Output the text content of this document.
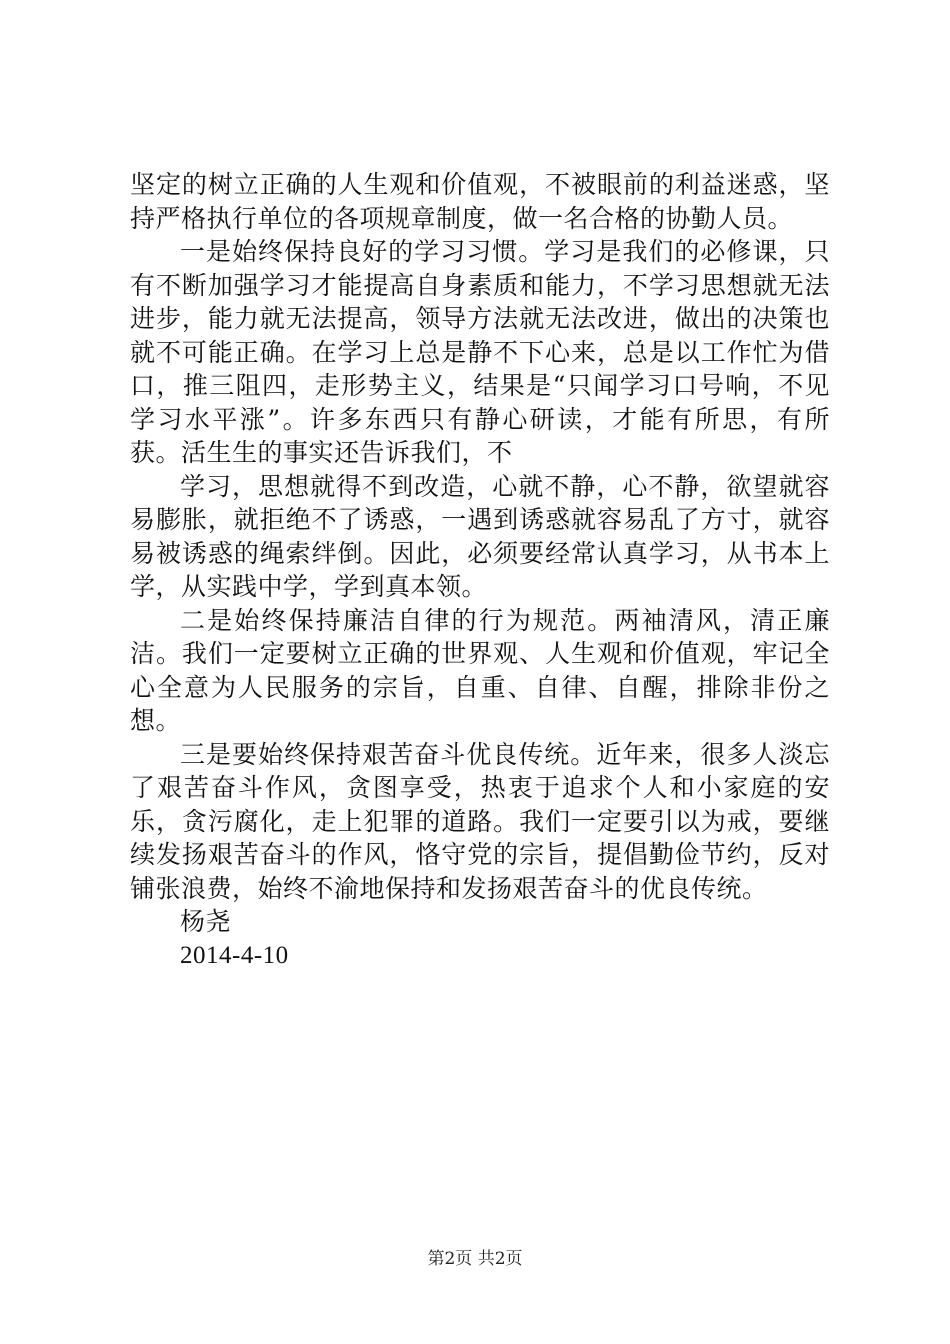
坚定的树立正确的人生观和价值观，不被眼前的利益迷惑，坚持严格执行单位的各项规章制度，做一名合格的协勤人员。

一是始终保持良好的学习习惯。学习是我们的必修课，只有不断加强学习才能提高自身素质和能力，不学习思想就无法进步，能力就无法提高，领导方法就无法改进，做出的决策也就不可能正确。在学习上总是静不下心来，总是以工作忙为借口，推三阻四，走形势主义，结果是“只闻学习口号响，不见学习水平涨”。许多东西只有静心研读，才能有所思，有所获。活生生的事实还告诉我们，不

学习，思想就得不到改造，心就不静，心不静，欲望就容易膨胀，就拒绝不了诱惑，一遇到诱惑就容易乱了方寸，就容易被诱惑的绳索绊倒。因此，必须要经常认真学习，从书本上学，从实践中学，学到真本领。

二是始终保持廉洁自律的行为规范。两袖清风，清正廉洁。我们一定要树立正确的世界观、人生观和价值观，牢记全心全意为人民服务的宗旨，自重、自律、自醒，排除非份之想。

三是要始终保持艰苦奋斗优良传统。近年来，很多人淡忘了艰苦奋斗作风，贪图享受，热衷于追求个人和小家庭的安乐，贪污腐化，走上犯罪的道路。我们一定要引以为戒，要继续发扬艰苦奋斗的作风，恪守党的宗旨，提倡勤俭节约，反对铺张浪费，始终不渝地保持和发扬艰苦奋斗的优良传统。

杨尧

2014-4-10

第2页 共2页
